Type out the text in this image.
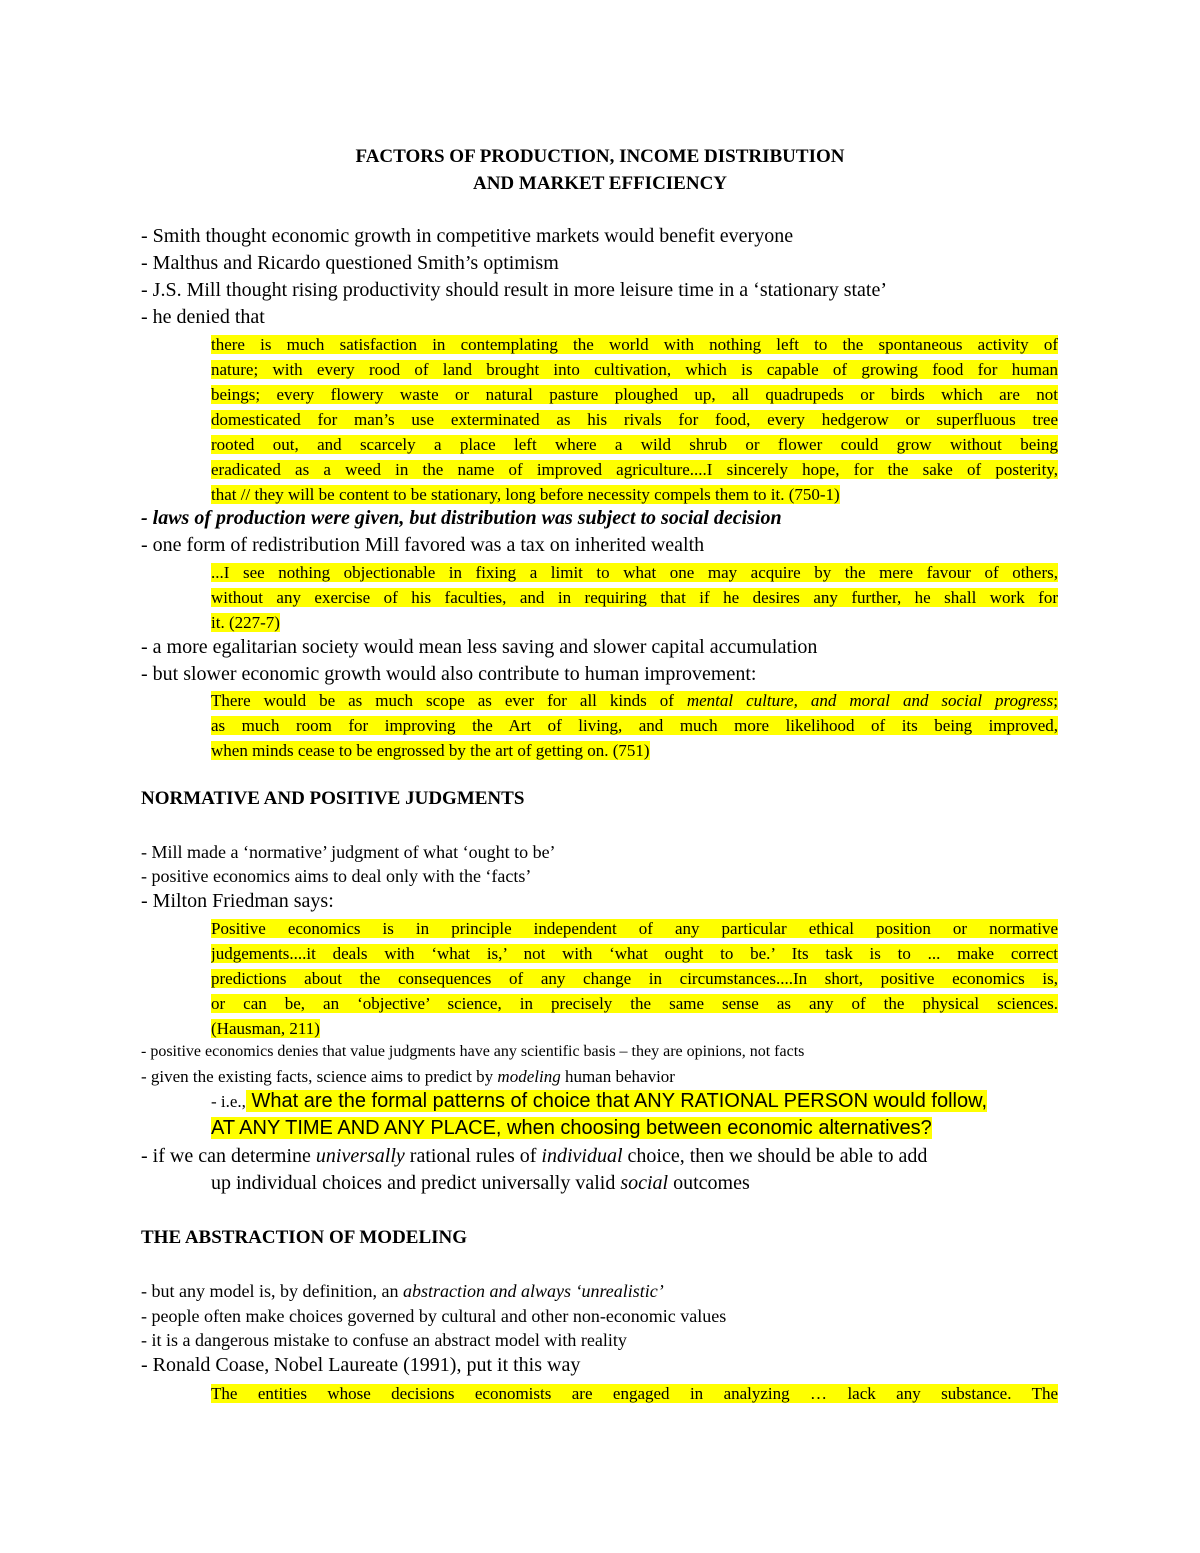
FACTORS OF PRODUCTION, INCOME DISTRIBUTION
AND MARKET EFFICIENCY
- Smith thought economic growth in competitive markets would benefit everyone
- Malthus and Ricardo questioned Smith’s optimism
- J.S. Mill thought rising productivity should result in more leisure time in a ‘stationary state’
- he denied that
there is much satisfaction in contemplating the world with nothing left to the spontaneous activity of
nature; with every rood of land brought into cultivation, which is capable of growing food for human
beings; every flowery waste or natural pasture ploughed up, all quadrupeds or birds which are not
domesticated for man’s use exterminated as his rivals for food, every hedgerow or superfluous tree
rooted out, and scarcely a place left where a wild shrub or flower could grow without being
eradicated as a weed in the name of improved agriculture....I sincerely hope, for the sake of posterity,
that // they will be content to be stationary, long before necessity compels them to it. (750-1)
- laws of production were given, but distribution was subject to social decision
- one form of redistribution Mill favored was a tax on inherited wealth
...I see nothing objectionable in fixing a limit to what one may acquire by the mere favour of others,
without any exercise of his faculties, and in requiring that if he desires any further, he shall work for
it. (227-7)
- a more egalitarian society would mean less saving and slower capital accumulation
- but slower economic growth would also contribute to human improvement:
There would be as much scope as ever for all kinds of mental culture, and moral and social progress;
as much room for improving the Art of living, and much more likelihood of its being improved,
when minds cease to be engrossed by the art of getting on. (751)
NORMATIVE AND POSITIVE JUDGMENTS
- Mill made a ‘normative’ judgment of what ‘ought to be’
- positive economics aims to deal only with the ‘facts’
- Milton Friedman says:
Positive economics is in principle independent of any particular ethical position or normative
judgements....it deals with ‘what is,’ not with ‘what ought to be.’ Its task is to ... make correct
predictions about the consequences of any change in circumstances....In short, positive economics is,
or can be, an ‘objective’ science, in precisely the same sense as any of the physical sciences.
(Hausman, 211)
- positive economics denies that value judgments have any scientific basis – they are opinions, not facts
- given the existing facts, science aims to predict by modeling human behavior
- i.e., What are the formal patterns of choice that ANY RATIONAL PERSON would follow,
AT ANY TIME AND ANY PLACE, when choosing between economic alternatives?
- if we can determine universally rational rules of individual choice, then we should be able to add
up individual choices and predict universally valid social outcomes
THE ABSTRACTION OF MODELING
- but any model is, by definition, an abstraction and always ‘unrealistic’
- people often make choices governed by cultural and other non-economic values
- it is a dangerous mistake to confuse an abstract model with reality
- Ronald Coase, Nobel Laureate (1991), put it this way
The entities whose decisions economists are engaged in analyzing … lack any substance. The
